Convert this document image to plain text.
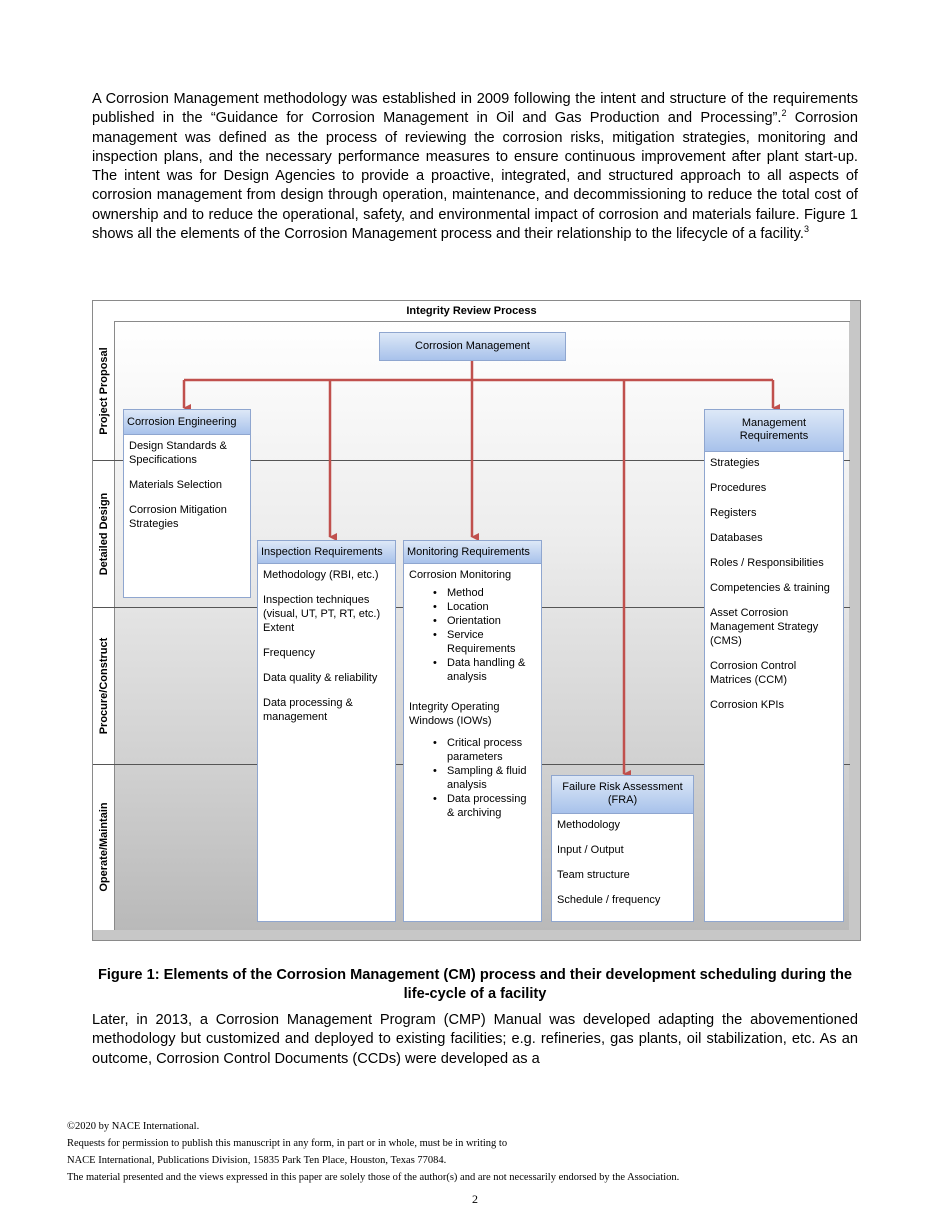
A Corrosion Management methodology was established in 2009 following the intent and structure of the requirements published in the “Guidance for Corrosion Management in Oil and Gas Production and Processing”.$^2$ Corrosion management was defined as the process of reviewing the corrosion risks, mitigation strategies, monitoring and inspection plans, and the necessary performance measures to ensure continuous improvement after plant start-up. The intent was for Design Agencies to provide a proactive, integrated, and structured approach to all aspects of corrosion management from design through operation, maintenance, and decommissioning to reduce the total cost of ownership and to reduce the operational, safety, and environmental impact of corrosion and materials failure. Figure 1 shows all the elements of the Corrosion Management process and their relationship to the lifecycle of a facility.$^3$

Integrity Review Process
Project Proposal
Detailed Design
Procure/Construct
Operate/Maintain
Corrosion Management
Corrosion Engineering
Design Standards & Specifications
Materials Selection
Corrosion Mitigation Strategies
Inspection Requirements
Methodology (RBI, etc.)
Inspection techniques (visual, UT, PT, RT, etc.)
Extent
Frequency
Data quality & reliability
Data processing & management
Monitoring Requirements
Corrosion Monitoring
• Method
• Location
• Orientation
• Service Requirements
• Data handling & analysis
Integrity Operating Windows (IOWs)
• Critical process parameters
• Sampling & fluid analysis
• Data processing & archiving
Failure Risk Assessment (FRA)
Methodology
Input / Output
Team structure
Schedule / frequency
Management Requirements
Strategies
Procedures
Registers
Databases
Roles / Responsibilities
Competencies & training
Asset Corrosion Management Strategy (CMS)
Corrosion Control Matrices (CCM)
Corrosion KPIs
Figure 1: Elements of the Corrosion Management (CM) process and their development scheduling during the life-cycle of a facility

Later, in 2013, a Corrosion Management Program (CMP) Manual was developed adapting the abovementioned methodology but customized and deployed to existing facilities; e.g. refineries, gas plants, oil stabilization, etc. As an outcome, Corrosion Control Documents (CCDs) were developed as a

©2020 by NACE International.
Requests for permission to publish this manuscript in any form, in part or in whole, must be in writing to
NACE International, Publications Division, 15835 Park Ten Place, Houston, Texas 77084.
The material presented and the views expressed in this paper are solely those of the author(s) and are not necessarily endorsed by the Association.
2
